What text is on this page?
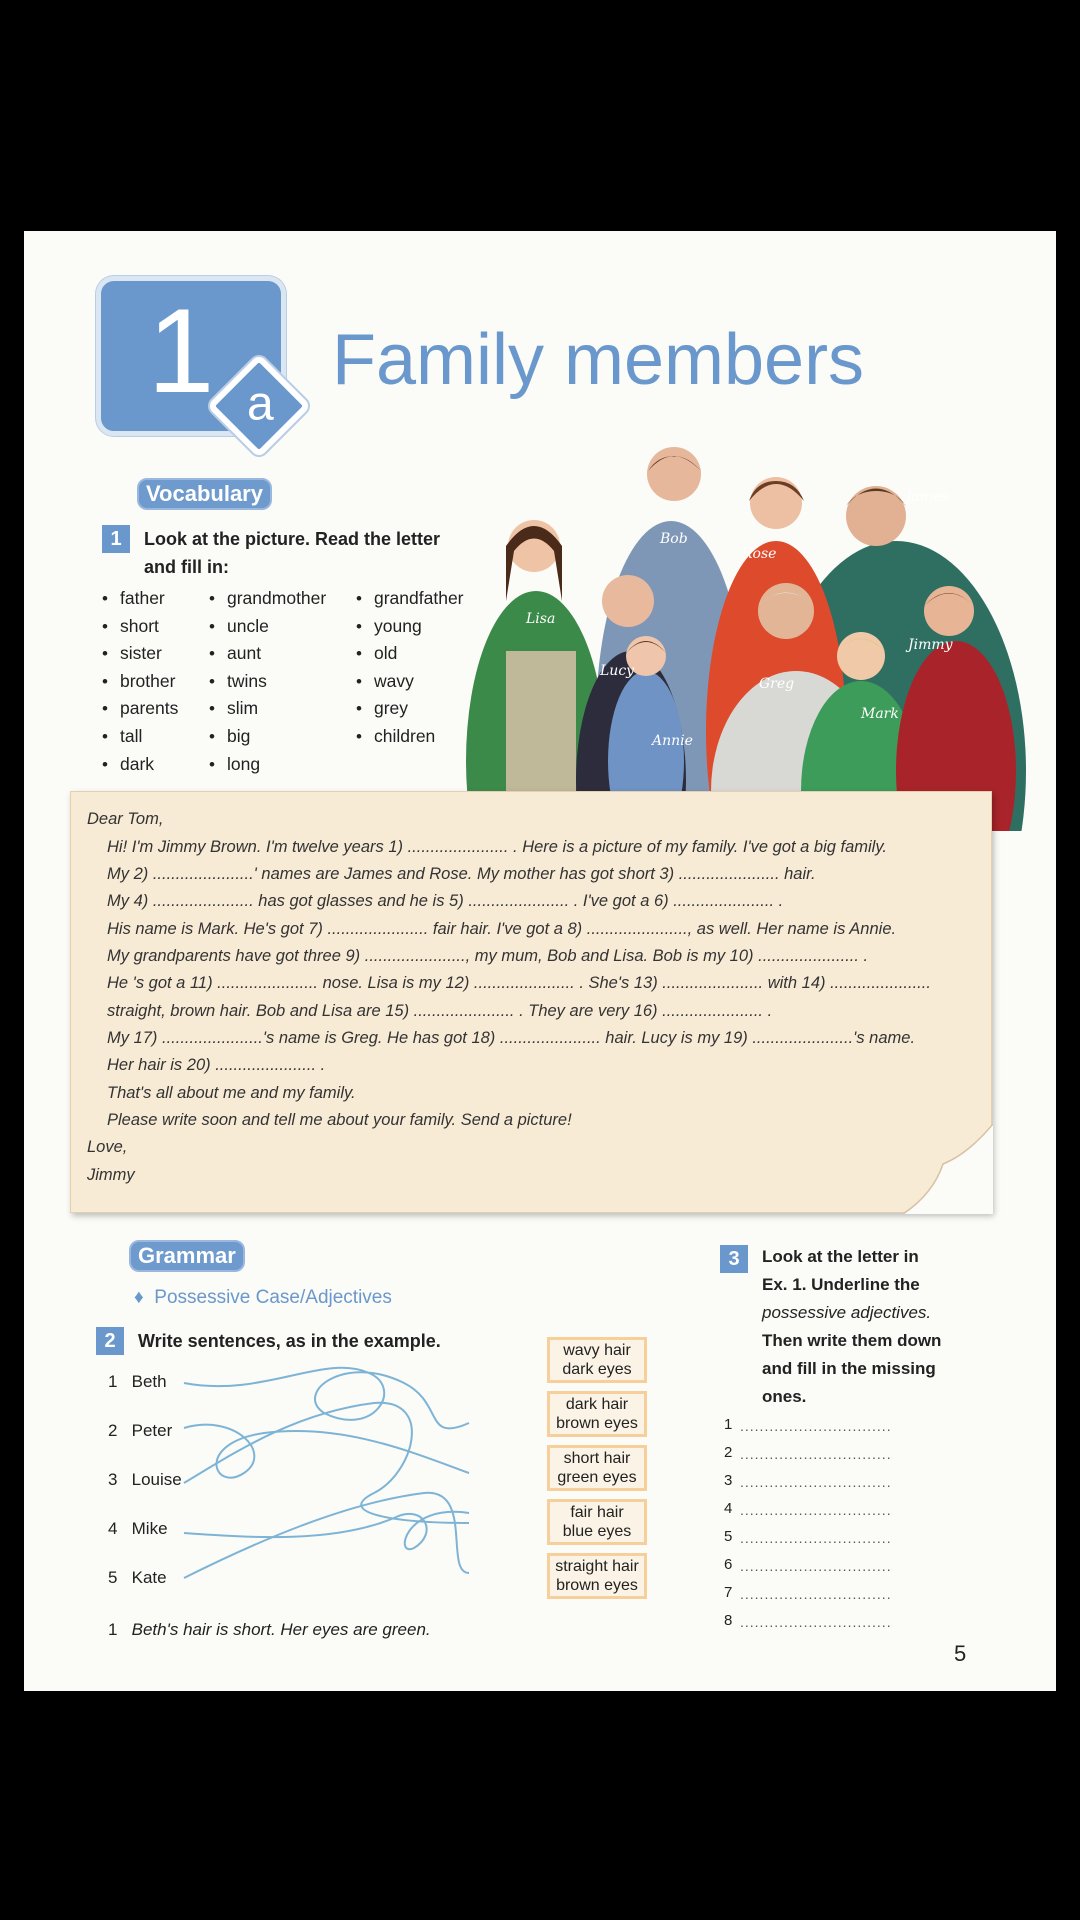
1 a
Family members
Vocabulary
1	Look at the picture. Read the letter
and fill in:
• father
• short
• sister
• brother
• parents
• tall
• dark
• grandmother
• uncle
• aunt
• twins
• slim
• big
• long
• grandfather
• young
• old
• wavy
• grey
• children
James
Bob
Rose
Lisa
Jimmy
Lucy
Greg
Mark
Annie

Dear Tom,

Hi! I'm Jimmy Brown. I'm twelve years 1) ...................... . Here is a picture of my family. I've got a big family.

My 2) ......................' names are James and Rose. My mother has got short 3) ...................... hair.

My 4) ...................... has got glasses and he is 5) ...................... . I've got a 6) ...................... .

His name is Mark. He's got 7) ...................... fair hair. I've got a 8) ......................, as well. Her name is Annie.

My grandparents have got three 9) ......................, my mum, Bob and Lisa. Bob is my 10) ...................... .

He 's got a 11) ...................... nose. Lisa is my 12) ...................... . She's 13) ...................... with 14) ......................

straight, brown hair. Bob and Lisa are 15) ...................... . They are very 16) ...................... .

My 17) ......................'s name is Greg. He has got 18) ...................... hair. Lucy is my 19) ......................'s name.

Her hair is 20) ...................... .

That's all about me and my family.

Please write soon and tell me about your family. Send a picture!

Love,

Jimmy

Grammar
♦  Possessive Case/Adjectives
2	Write sentences, as in the example.
1 Beth
2 Peter
3 Louise
4 Mike
5 Kate
wavy hair
dark eyes
dark hair
brown eyes
short hair
green eyes
fair hair
blue eyes
straight hair
brown eyes
1 Beth's hair is short. Her eyes are green.
3	Look at the letter in
Ex. 1. Underline the
possessive adjectives.
Then write them down
and fill in the missing
ones.
1 ...............................
2 ...............................
3 ...............................
4 ...............................
5 ...............................
6 ...............................
7 ...............................
8 ...............................
5
